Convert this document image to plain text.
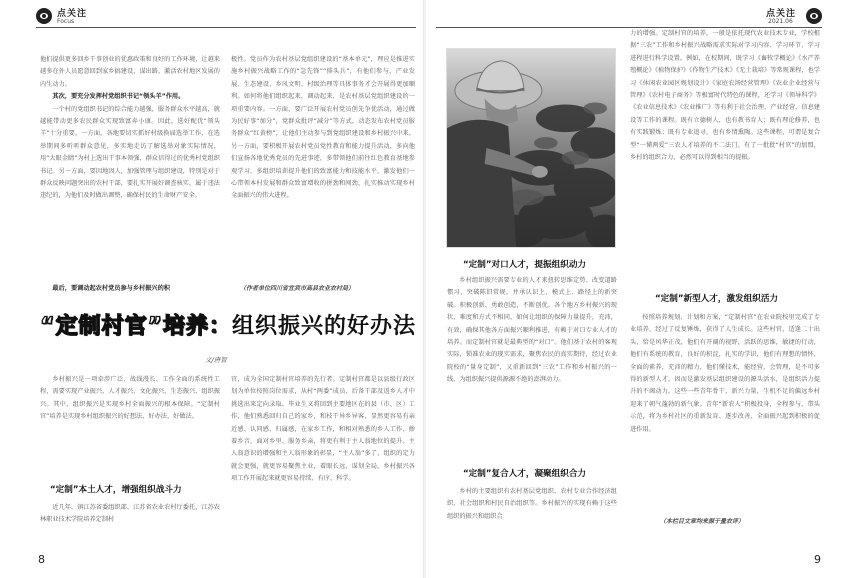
点关注
Focus

他们提供更多回乡干事创业的优惠政策和良好的工作环境，让越来越多在外人员愿意回到家乡搞建设、谋出路，激活农村地区发展的内生动力。

其次，要充分发挥村党组织书记“领头羊”作用。

一个村的党组织书记的综合能力越强，服务群众水平越高，就越能带动更多农民群众实现致富奔小康。因此，选好配优“领头羊”十分重要。一方面，各地要切实抓好村级换届选举工作，在选举期间多听听群众意见，多实地走访了解选举对象实际情况，用“大眼金睛”为村上选出干事本领强、群众信得过的优秀村党组织书记。另一方面，要因地因人，加强管理与组织建设，特别是对于群众反映问题突出的农村干部，要扎实开展好调查核实，属于违法违纪的，为他们及时做出调整，确保村民的生命财产安全。

最后，要调动起农村党员参与乡村振兴的积

极性。党员作为农村基层党组织建设的“基本单元”，理应是推进实施乡村振兴战略工作的“急先锋”“排头兵”，有他们参与，产业发展、生态建设、乡风文明、村级治理等具体事务才会开展得更加顺利。如何将他们组织起来，调动起来，是农村基层党组织建设的一项重要内容。一方面，要广泛开展农村党员创先争优活动，通过做为民好事“加分”，党群众批评“减分”等方式，动态发布农村党员服务群众“红黄榜”，让他们主动参与到党组织建设和乡村振兴中来。另一方面，要积极开展农村党员党性教育和能力提升活动，多向他们宣扬各地优秀党员的先进事迹，多带领他们前往红色教育基地参观学习，多组织培训提升他们的致富能力和技能水平，激发他们一心带领本村发展和群众致富增收的拼劲和闯劲，扎实推动实现乡村全面振兴的伟大进程。

（作者单位四川省宜宾市高县农业农村局）
“定制村官”培养：组织振兴的好办法
文/唐智

乡村振兴是一项牵涉广泛、战线漫长、工作全面的系统性工程，需要实现产业振兴、人才振兴、文化振兴、生态振兴、组织振兴。其中，组织振兴是实现乡村全面振兴的根本保障。“定制村官”培养是实现乡村组织振兴的好想法、好办法、好做法。

“定制”本土人才，增强组织战斗力

近几年，镇江苏省委组织部、江苏省农业农村厅委托，江苏农林职业技术学院培养定制村

官，成为全国定制村官培养的先行者。定制村官都是以县级行政区划为单位按照岗位需求，从村“两委”成员、后备干部及返乡人才中挑选出来定向录取。毕业生又将回到主要地区在的县（市、区）工作，他们熟悉回归自己的家乡，和枝干异乡异客，显然更容易有亲近感、认同感、归属感，在家乡工作，和相对熟悉的乡人工作、掺着乡音，面对乡里、服务乡亲，将更有利于主人翁地位的提升。主人翁意识的增强和主人翁形象的彰显，“主人翁”多了，组织的定力就会更强，就更容易聚焦主业，着眼长远，谋划全局，乡村振兴各项工作开展起来就更容易持续、有序、科学。

8
点关注
2021.06
“定制”对口人才，提振组织动力

乡村组织振兴需要专业的人才来扭转思维定势、改变道路惯习、突破陈旧常规，并承认识上、模式上、路径上的新突破。积极创新、勇敢创造，不断创优。各个地方乡村振兴的现状、难度和方式不相同，如何让组织的保障力量提升，充沛，有效，确保其他各方面振兴顺利推进，有赖于对口专业人才的培养。而定制村官就是最典型的“对口”。他们基于农村的客观实际，锁准农业的现实需求，聚焦农民的真实期待，经过农业院校的“量身定制”，又重新回到“三农”工作和乡村振兴的一线，为组织振兴提供源源不绝的澎湃动力。

“定制”复合人才，凝聚组织合力

乡村的主要组织有农村基层党组织、农村专业合作经济组织、社会组织和村民自治组织等。乡村振兴的实现有赖于这些组织的振兴和组织合

力的增强。定制村官的培养，一般是依托现代农业技术专业，学校根据“三农”工作和乡村振兴战略需求实际对学习内容、学习环节、学习进程进行科学设置。例如，在校期间，既学习《畜牧学概论》《水产养殖概论》《植物保护》《作物生产技术》《无土栽培》等常规课程，也学习《休闲农业园区规划设计》《家庭农场经营管理》《农业企业经营与管理》《农村电子商务》等极富时代特色的课程，还学习《领导科学》《农业信息技术》《农业推广》等有利于社会治理、产业经营、信息建设等工作的课程。既有立德树人，也有教书育人；既有理论修养，也有实践锻炼；既有专业追寻，也有乡情熏陶。这些课程，可谓是复合型“一懂两爱”三农人才培养的不二法门。有了一批批“村官”的加盟，乡村的组织合力，必然可以得到相当的提振。

“定制”新型人才，激发组织活力

按照培养规划、计划和方案，“定制村官”在农业院校里完成了专业培养，经过了反复锤炼，获得了人生成长。这些村官，适逢二十出头，恰是风华正茂，他们有开阔的视野，活跃的思维，敏捷的行动，他们有系统的教育，良好的积淀，扎实的学识，他们有理想的情怀，全面的素养，充沛的精力，他们懂技术，能经营，会管理，是不可多得的新型人才。因而是激发基层组织建设的源头活水，是组织活力提升的不竭动力。这些一些青年骨干、新兴力量，生机不足的偏远乡村迎来了朝气蓬勃的新气象。青年“新农人”积极投身，全程参与，带头示范，将为乡村社区的重新发育、逐步改善、全面振兴起到积极的促进作用。

（本栏目文章均来源于量农评）
9
